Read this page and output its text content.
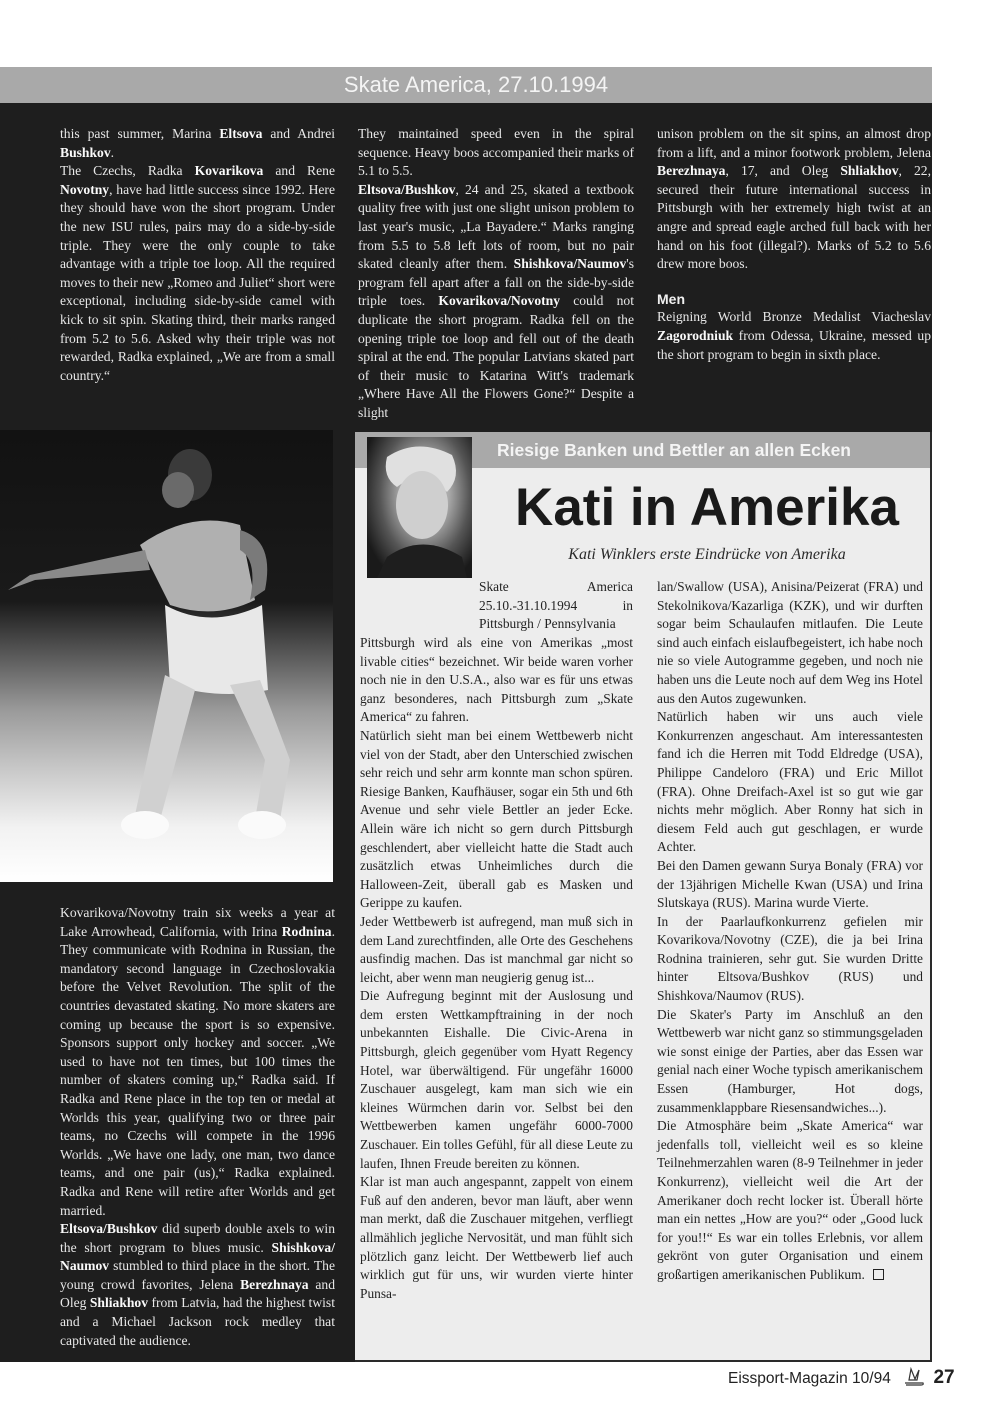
Skate America, 27.10.1994

this past summer, Marina Eltsova and Andrei Bushkov.

The Czechs, Radka Kovarikova and Rene Novotny, have had little success since 1992. Here they should have won the short program. Under the new ISU rules, pairs may do a side-by-side triple. They were the only couple to take advantage with a triple toe loop. All the required moves to their new „Romeo and Juliet“ short were exceptional, including side-by-side camel with kick to sit spin. Skating third, their marks ranged from 5.2 to 5.6. Asked why their triple was not rewarded, Radka explained, „We are from a small country.“

They maintained speed even in the spiral sequence. Heavy boos accompanied their marks of 5.1 to 5.5.

Eltsova/Bushkov, 24 and 25, skated a textbook quality free with just one slight unison problem to last year's music, „La Bayadere.“ Marks ranging from 5.5 to 5.8 left lots of room, but no pair skated cleanly after them. Shishkova/Naumov's program fell apart after a fall on the side-by-side triple toes. Kovarikova/Novotny could not duplicate the short program. Radka fell on the opening triple toe loop and fell out of the death spiral at the end. The popular Latvians skated part of their music to Katarina Witt's trademark „Where Have All the Flowers Gone?“ Despite a slight

unison problem on the sit spins, an almost drop from a lift, and a minor footwork problem, Jelena Berezhnaya, 17, and Oleg Shliakhov, 22, secured their future international success in Pittsburgh with her extremely high twist at an angre and spread eagle arched full back with her hand on his foot (illegal?). Marks of 5.2 to 5.6 drew more boos.

Men

Reigning World Bronze Medalist Viacheslav Zagorodniuk from Odessa, Ukraine, messed up the short program to begin in sixth place.

Kovarikova/Novotny train six weeks a year at Lake Arrowhead, California, with Irina Rodnina. They communicate with Rodnina in Russian, the mandatory second language in Czechoslovakia before the Velvet Revolution. The split of the countries devastated skating. No more skaters are coming up because the sport is so expensive. Sponsors support only hockey and soccer. „We used to have not ten times, but 100 times the number of skaters coming up,“ Radka said. If Radka and Rene place in the top ten or medal at Worlds this year, qualifying two or three pair teams, no Czechs will compete in the 1996 Worlds. „We have one lady, one man, two dance teams, and one pair (us),“ Radka explained. Radka and Rene will retire after Worlds and get married.

Eltsova/Bushkov did superb double axels to win the short program to blues music. Shishkova/ Naumov stumbled to third place in the short. The young crowd favorites, Jelena Berezhnaya and Oleg Shliakhov from Latvia, had the highest twist and a Michael Jackson rock medley that captivated the audience.

Riesige Banken und Bettler an allen Ecken
Kati in Amerika
Kati Winklers erste Eindrücke von Amerika
Skate America 25.10.-31.10.1994 in Pittsburgh / Pennsylvania

Pittsburgh wird als eine von Amerikas „most livable cities“ bezeichnet. Wir beide waren vorher noch nie in den U.S.A., also war es für uns etwas ganz besonderes, nach Pittsburgh zum „Skate America“ zu fahren.

Natürlich sieht man bei einem Wettbewerb nicht viel von der Stadt, aber den Unterschied zwischen sehr reich und sehr arm konnte man schon spüren. Riesige Banken, Kaufhäuser, sogar ein 5th und 6th Avenue und sehr viele Bettler an jeder Ecke. Allein wäre ich nicht so gern durch Pittsburgh geschlendert, aber vielleicht hatte die Stadt auch zusätzlich etwas Unheimliches durch die Halloween-Zeit, überall gab es Masken und Gerippe zu kaufen.

Jeder Wettbewerb ist aufregend, man muß sich in dem Land zurechtfinden, alle Orte des Geschehens ausfindig machen. Das ist manchmal gar nicht so leicht, aber wenn man neugierig genug ist...

Die Aufregung beginnt mit der Auslosung und dem ersten Wettkampftraining in der noch unbekannten Eishalle. Die Civic-Arena in Pittsburgh, gleich gegenüber vom Hyatt Regency Hotel, war überwältigend. Für ungefähr 16000 Zuschauer ausgelegt, kam man sich wie ein kleines Würmchen darin vor. Selbst bei den Wettbewerben kamen ungefähr 6000-7000 Zuschauer. Ein tolles Gefühl, für all diese Leute zu laufen, Ihnen Freude bereiten zu können.

Klar ist man auch angespannt, zappelt von einem Fuß auf den anderen, bevor man läuft, aber wenn man merkt, daß die Zuschauer mitgehen, verfliegt allmählich jegliche Nervosität, und man fühlt sich plötzlich ganz leicht. Der Wettbewerb lief auch wirklich gut für uns, wir wurden vierte hinter Punsa-

lan/Swallow (USA), Anisina/Peizerat (FRA) und Stekolnikova/Kazarliga (KZK), und wir durften sogar beim Schaulaufen mitlaufen. Die Leute sind auch einfach eislaufbegeistert, ich habe noch nie so viele Autogramme gegeben, und noch nie haben uns die Leute noch auf dem Weg ins Hotel aus den Autos zugewunken.

Natürlich haben wir uns auch viele Konkurrenzen angeschaut. Am interessantesten fand ich die Herren mit Todd Eldredge (USA), Philippe Candeloro (FRA) und Eric Millot (FRA). Ohne Dreifach-Axel ist so gut wie gar nichts mehr möglich. Aber Ronny hat sich in diesem Feld auch gut geschlagen, er wurde Achter.

Bei den Damen gewann Surya Bonaly (FRA) vor der 13jährigen Michelle Kwan (USA) und Irina Slutskaya (RUS). Marina wurde Vierte.

In der Paarlaufkonkurrenz gefielen mir Kovarikova/Novotny (CZE), die ja bei Irina Rodnina trainieren, sehr gut. Sie wurden Dritte hinter Eltsova/Bushkov (RUS) und Shishkova/Naumov (RUS).

Die Skater's Party im Anschluß an den Wettbewerb war nicht ganz so stimmungsgeladen wie sonst einige der Parties, aber das Essen war genial nach einer Woche typisch amerikanischem Essen (Hamburger, Hot dogs, zusammenklappbare Riesensandwiches...).

Die Atmosphäre beim „Skate America“ war jedenfalls toll, vielleicht weil es so kleine Teilnehmerzahlen waren (8-9 Teilnehmer in jeder Konkurrenz), vielleicht weil die Art der Amerikaner doch recht locker ist. Überall hörte man ein nettes „How are you?“ oder „Good luck for you!!“ Es war ein tolles Erlebnis, vor allem gekrönt von guter Organisation und einem großartigen amerikanischen Publikum.

Eissport-Magazin 10/94 27
